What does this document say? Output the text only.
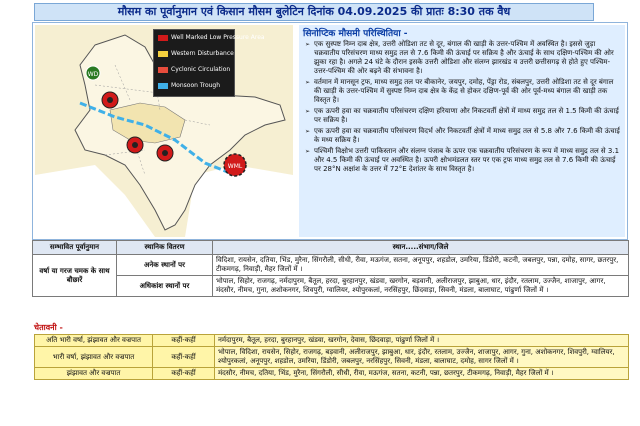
मौसम का पूर्वानुमान एवं किसान मौसम बुलेटिन दिनांक 04.09.2025 की प्रातः 8:30 तक वैध
WD
WML
Well Marked Low Pressure Area
Western Disturbance
Cyclonic Circulation
Monsoon Trough
सिनोप्टिक मौसमी परिस्थितिया -
➢ एक सुस्पष्ट निम्न दाब क्षेत्र, उत्तरी ओडिशा तट से दूर, बंगाल की खाड़ी के उत्तर-पश्चिम में अवस्थित है। इससे जुड़ा चक्रवातीय परिसंचरण माध्य समुद्र तल से 7.6 किमी की ऊंचाई पर सक्रिय है और ऊंचाई के साथ दक्षिण-पश्चिम की ओर झुका रहा है। अगले 24 घंटे के दौरान इसके उत्तरी ओडिशा और संलग्न झारखंड व उत्तरी छत्तीसगढ़ से होते हुए पश्चिम-उत्तर-पश्चिम की ओर बढ़ने की संभावना है।
➢ वर्तमान में मानसून ट्रफ, माध्य समुद्र तल पर बीकानेर, जयपुर, दमोह, पेंड्रा रोड, संबलपुर, उत्तरी ओडिशा तट से दूर बंगाल की खाड़ी के उत्तर-पश्चिम में सुस्पष्ट निम्न दाब क्षेत्र के केंद्र से होकर दक्षिण-पूर्व की ओर पूर्व-मध्य बंगाल की खाड़ी तक विस्तृत है।
➢ एक ऊपरी हवा का चक्रवातीय परिसंचरण दक्षिण हरियाणा और निकटवर्ती क्षेत्रों में माध्य समुद्र तल से 1.5 किमी की ऊंचाई पर सक्रिय है।
➢ एक ऊपरी हवा का चक्रवातीय परिसंचरण विदर्भ और निकटवर्ती क्षेत्रों में माध्य समुद्र तल से 5.8 और 7.6 किमी की ऊंचाई के मध्य सक्रिय है।
➢ पश्चिमी विक्षोभ उत्तरी पाकिस्तान और संलग्न पंजाब के ऊपर एक चक्रवातीय परिसंचरण के रूप में माध्य समुद्र तल से 3.1 और 4.5 किमी की ऊंचाई पर अवस्थित है। ऊपरी क्षोभमंडलत स्तर पर एक ट्रफ माध्य समुद्र तल से 7.6 किमी की ऊंचाई पर 28°N अक्षांश के उत्तर में 72°E देशांतर के साथ विस्तृत है।
सम्भावित पूर्वानुमान	स्थानिक वितरण	स्थान.....संभाग/जिले
वर्षा या गरज चमक के साथ बौछारें	अनेक स्थानों पर	विदिशा, रायसेन, दतिया, भिंड, मुरैना, सिंगरौली, सीधी, रीवा, मऊगंज, सतना, अनूपपुर, शहडोल, उमरिया, डिंडोरी, कटनी, जबलपुर, पन्ना, दमोह, सागर, छतरपुर, टीकमगढ़, निवाड़ी, मैहर जिलों में ।
	अधिकांश स्थानों पर	भोपाल, सिहोर, राजगढ़, नर्मदापुरम, बैतूल, हरदा, बुरहानपुर, खंडवा, खरगोन, बड़वानी, अलीराजपुर, झाबुआ, धार, इंदौर, रतलाम, उज्जैन, शाजापुर, आगर, मंदसौर, नीमच, गुना, अशोकनगर, शिवपुरी, ग्वालियर, श्योपुरकलां, नरसिंहपुर, छिंदवाड़ा, सिवनी, मंडला, बालाघाट, पांढुर्णा जिलों में ।
चेतावनी -
अति भारी वर्षा, झंझावत और वज्रपात	कहीं-कहीं	नर्मदापुरम, बैतूल, हरदा, बुरहानपुर, खंडवा, खरगोन, देवास, छिंदवाड़ा, पांढुर्णा जिलों में ।
भारी वर्षा, झंझावत और वज्रपात	कहीं-कहीं	भोपाल, विदिशा, रायसेन, सिहोर, राजगढ़, बड़वानी, अलीराजपुर, झाबुआ, धार, इंदौर, रतलाम, उज्जैन, शाजापुर, आगर, गुना, अशोकनगर, शिवपुरी, ग्वालियर, श्योपुरकलां, अनूपपुर, शहडोल, उमरिया, डिंडोरी, जबलपुर, नरसिंहपुर, सिवनी, मंडला, बालाघाट, दमोह, सागर जिलों में ।
झंझावत और वज्रपात	कहीं-कहीं	मंदसौर, नीमच, दतिया, भिंड, मुरैना, सिंगरौली, सीधी, रीवा, मऊगंज, सतना, कटनी, पन्ना, छतरपुर, टीकमगढ़, निवाड़ी, मैहर जिलों में ।
